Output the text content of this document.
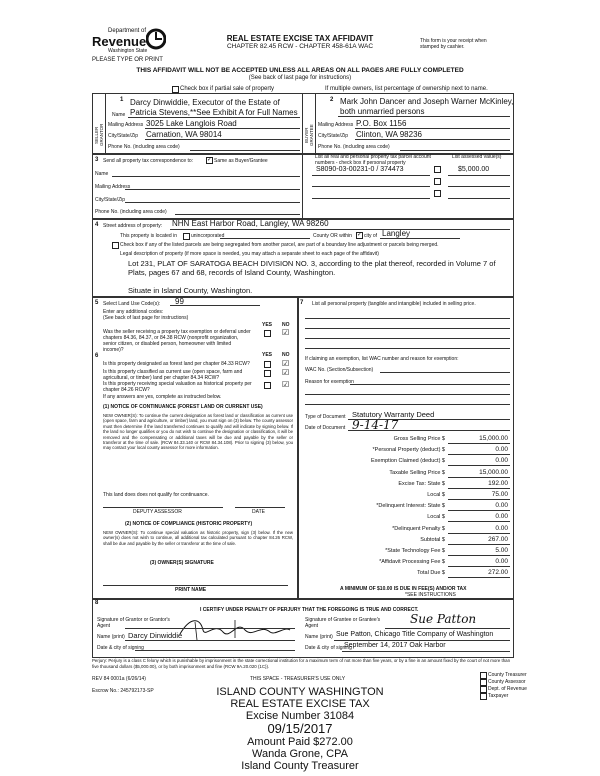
Department of
Revenue
Washington State
PLEASE TYPE OR PRINT
REAL ESTATE EXCISE TAX AFFIDAVIT
CHAPTER 82.45 RCW - CHAPTER 458-61A WAC
This form is your receipt when stamped by cashier.
THIS AFFIDAVIT WILL NOT BE ACCEPTED UNLESS ALL AREAS ON ALL PAGES ARE FULLY COMPLETED
(See back of last page for instructions)
Check box if partial sale of property	If multiple owners, list percentage of ownership next to name.
SELLER GRANTOR	BUYER GRANTEE
1	2
Name
Darcy Dinwiddie, Executor of the Estate of
Patricia Stevens,**See Exhibit A for Full Names
Mailing Address 3025 Lake Langlois Road
City/State/Zip Carnation, WA 98014
Phone No. (including area code)
Mark John Dancer and Joseph Warner McKinley,
both unmarried persons
Mailing Address P.O. Box 1156
City/State/Zip Clinton, WA 98236
Phone No. (including area code)
3 Send all property tax correspondence to: ✓ Same as Buyer/Grantee
Name
Mailing Address
City/State/Zip
Phone No. (including area code)
List all real and personal property tax parcel account numbers - check box if personal property
List assessed value(s)
S8090-03-00231-0 / 374473	$5,000.00
4 Street address of property: NHN East Harbor Road, Langley, WA 98260
This property is located in	unincorporated	County OR within ✓ city of Langley
Check box if any of the listed parcels are being segregated from another parcel, are part of a boundary line adjustment or parcels being merged.
Legal description of property (if more space is needed, you may attach a separate sheet to each page of the affidavit)
Lot 231, PLAT OF SARATOGA BEACH DIVISION NO. 3, according to the plat thereof, recorded in Volume 7 of
Plats, pages 67 and 68, records of Island County, Washington.
Situate in Island County, Washington.
5 Select Land Use Code(s): 99
Enter any additional codes:
(See back of last page for instructions)
YES NO
Was the seller receiving a property tax exemption or deferral under chapters 84.36, 84.37, or 84.38 RCW (nonprofit organization, senior citizen, or disabled person, homeowner with limited income)?
☑
6	YES NO
Is this property designated as forest land per chapter 84.33 RCW?	☑
Is this property classified as current use (open space, farm and agricultural, or timber) land per chapter 84.34 RCW?
☑
Is this property receiving special valuation as historical property per chapter 84.26 RCW?
☑
If any answers are yes, complete as instructed below.
(1) NOTICE OF CONTINUANCE (FOREST LAND OR CURRENT USE)
NEW OWNER(S): To continue the current designation as forest land or classification as current use (open space, farm and agriculture, or timber) land, you must sign on (3) below. The county assessor must then determine if the land transferred continues to qualify and will indicate by signing below. If the land no longer qualifies or you do not wish to continue the designation or classification, it will be removed and the compensating or additional taxes will be due and payable by the seller or transferor at the time of sale. (RCW 84.33.140 or RCW 84.34.108). Prior to signing (3) below, you may contact your local county assessor for more information.
This land does does not qualify for continuance.
DEPUTY ASSESSOR	DATE
(2) NOTICE OF COMPLIANCE (HISTORIC PROPERTY)
NEW OWNER(S): To continue special valuation as historic property, sign (3) below. If the new owner(s) does not wish to continue, all additional tax calculated pursuant to chapter 84.26 RCW, shall be due and payable by the seller or transferor at the time of sale.
(3) OWNER(S) SIGNATURE
PRINT NAME
7 List all personal property (tangible and intangible) included in selling price.
If claiming an exemption, list WAC number and reason for exemption:
WAC No. (Section/Subsection)
Reason for exemption
Type of Document Statutory Warranty Deed
Date of Document 9-14-17
Gross Selling Price $	15,000.00
*Personal Property (deduct) $	0.00
Exemption Claimed (deduct) $	0.00
Taxable Selling Price $	15,000.00
Excise Tax: State $	192.00
Local $	75.00
*Delinquent Interest: State $	0.00
Local $	0.00
*Delinquent Penalty $	0.00
Subtotal $	267.00
*State Technology Fee $	5.00
*Affidavit Processing Fee $	0.00
Total Due $	272.00
A MINIMUM OF $10.00 IS DUE IN FEE(S) AND/OR TAX
*SEE INSTRUCTIONS
8
I CERTIFY UNDER PENALTY OF PERJURY THAT THE FOREGOING IS TRUE AND CORRECT.
Signature of Grantor or Grantor's Agent
Name (print) Darcy Dinwiddie
Date & city of signing
Signature of Grantee or Grantee's Agent	Sue Patton
Name (print) Sue Patton, Chicago Title Company of Washington
Date & city of signing
September 14, 2017 Oak Harbor
Perjury: Perjury is a class C felony which is punishable by imprisonment in the state correctional institution for a maximum term of not more than five years, or by a fine in an amount fixed by the court of not more than five thousand dollars ($5,000.00), or by both imprisonment and fine (RCW 9A.20.020 (1C)).
REV 84 0001a (6/26/14)	THIS SPACE - TREASURER'S USE ONLY
Escrow No.: 245792173-SP
County Treasurer
County Assessor
Dept. of Revenue
Taxpayer
ISLAND COUNTY WASHINGTON
REAL ESTATE EXCISE TAX
Excise Number 31084
09/15/2017
Amount Paid $272.00
Wanda Grone, CPA
Island County Treasurer
